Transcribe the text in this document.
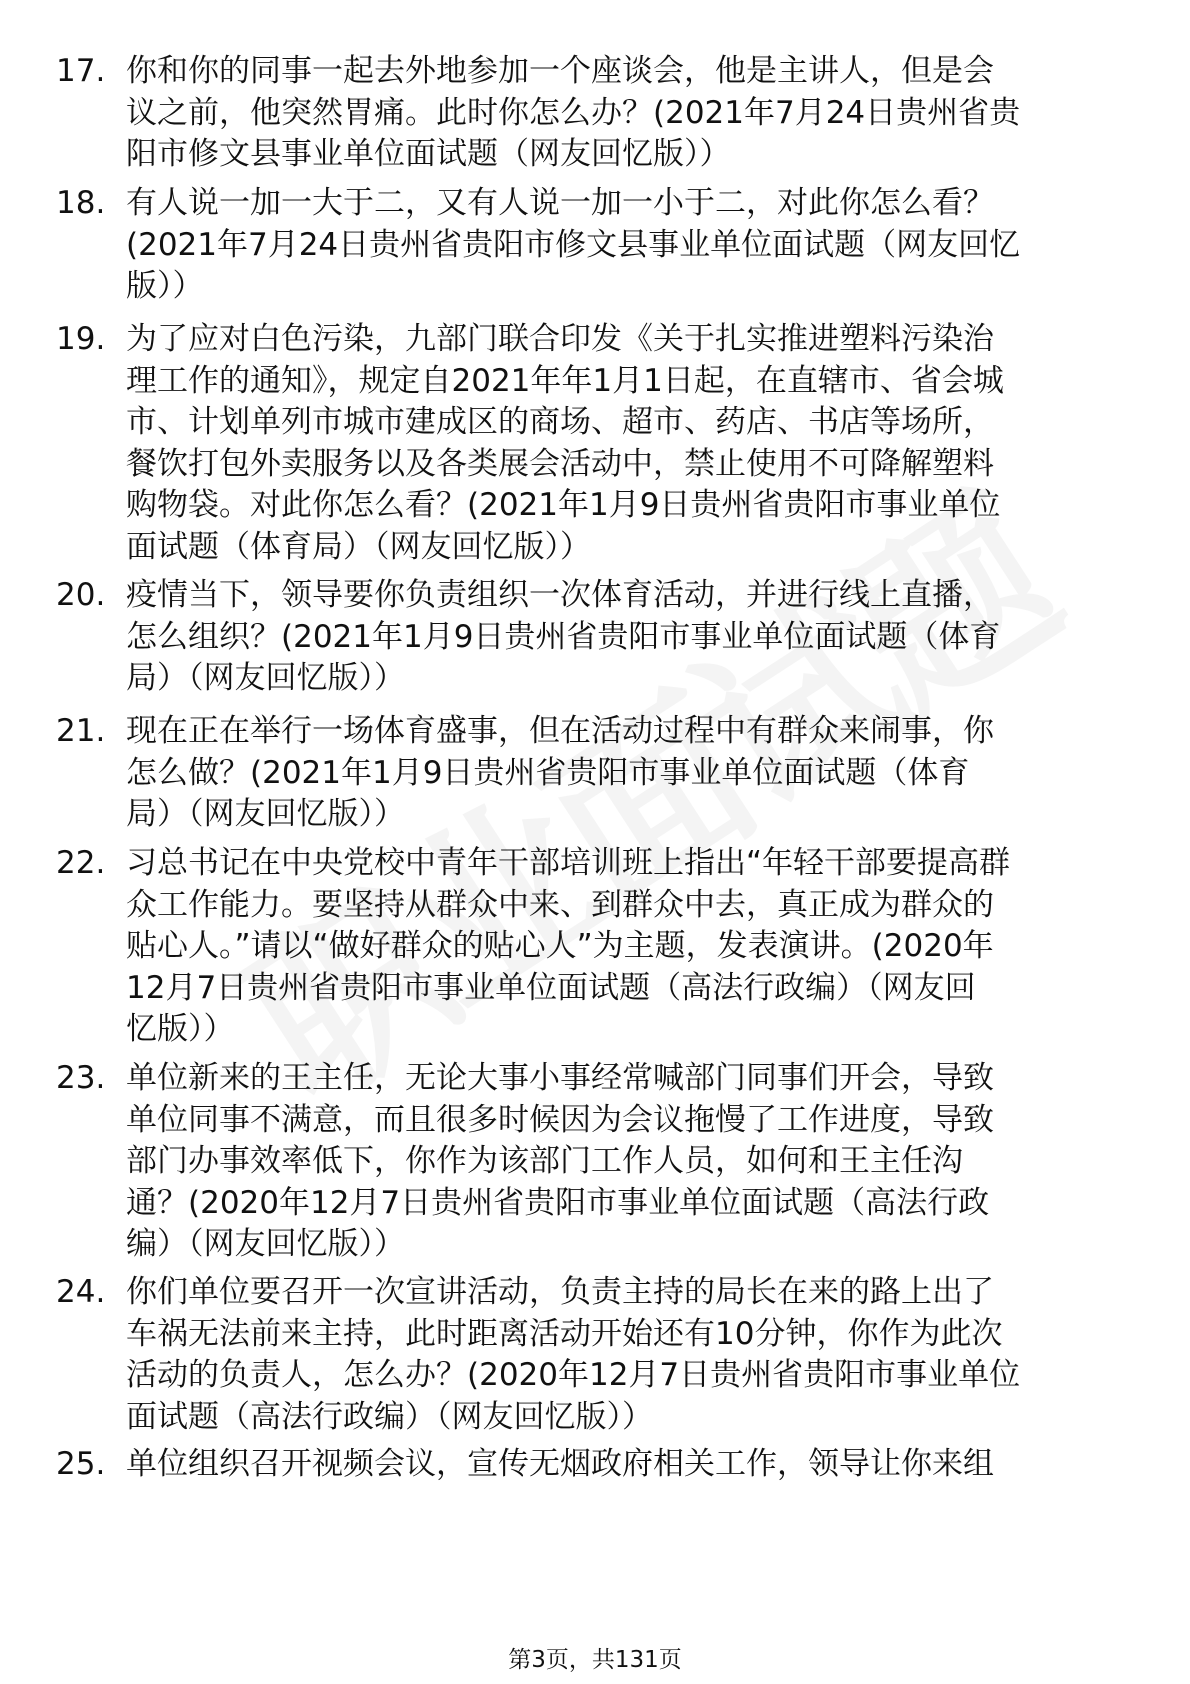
17. 你和你的同事一起去外地参加一个座谈会，他是主讲人，但是会
议之前，他突然胃痛。此时你怎么办？(2021年7月24日贵州省贵
阳市修文县事业单位面试题（网友回忆版））

18. 有人说一加一大于二，又有人说一加一小于二，对此你怎么看？
(2021年7月24日贵州省贵阳市修文县事业单位面试题（网友回忆
版））

19. 为了应对白色污染，九部门联合印发《关于扎实推进塑料污染治
理工作的通知》，规定自2021年年1月1日起，在直辖市、省会城
市、计划单列市城市建成区的商场、超市、药店、书店等场所，
餐饮打包外卖服务以及各类展会活动中，禁止使用不可降解塑料
购物袋。对此你怎么看？(2021年1月9日贵州省贵阳市事业单位
面试题（体育局）（网友回忆版））

20. 疫情当下，领导要你负责组织一次体育活动，并进行线上直播，
怎么组织？(2021年1月9日贵州省贵阳市事业单位面试题（体育
局）（网友回忆版））

21. 现在正在举行一场体育盛事，但在活动过程中有群众来闹事，你
怎么做？(2021年1月9日贵州省贵阳市事业单位面试题（体育
局）（网友回忆版））

22. 习总书记在中央党校中青年干部培训班上指出“年轻干部要提高群
众工作能力。要坚持从群众中来、到群众中去，真正成为群众的
贴心人。”请以“做好群众的贴心人”为主题，发表演讲。(2020年
12月7日贵州省贵阳市事业单位面试题（高法行政编）（网友回
忆版））

23. 单位新来的王主任，无论大事小事经常喊部门同事们开会，导致
单位同事不满意，而且很多时候因为会议拖慢了工作进度，导致
部门办事效率低下，你作为该部门工作人员，如何和王主任沟
通？(2020年12月7日贵州省贵阳市事业单位面试题（高法行政
编）（网友回忆版））

24. 你们单位要召开一次宣讲活动，负责主持的局长在来的路上出了
车祸无法前来主持，此时距离活动开始还有10分钟，你作为此次
活动的负责人，怎么办？(2020年12月7日贵州省贵阳市事业单位
面试题（高法行政编）（网友回忆版））

25. 单位组织召开视频会议，宣传无烟政府相关工作，领导让你来组

第3页，共131页
